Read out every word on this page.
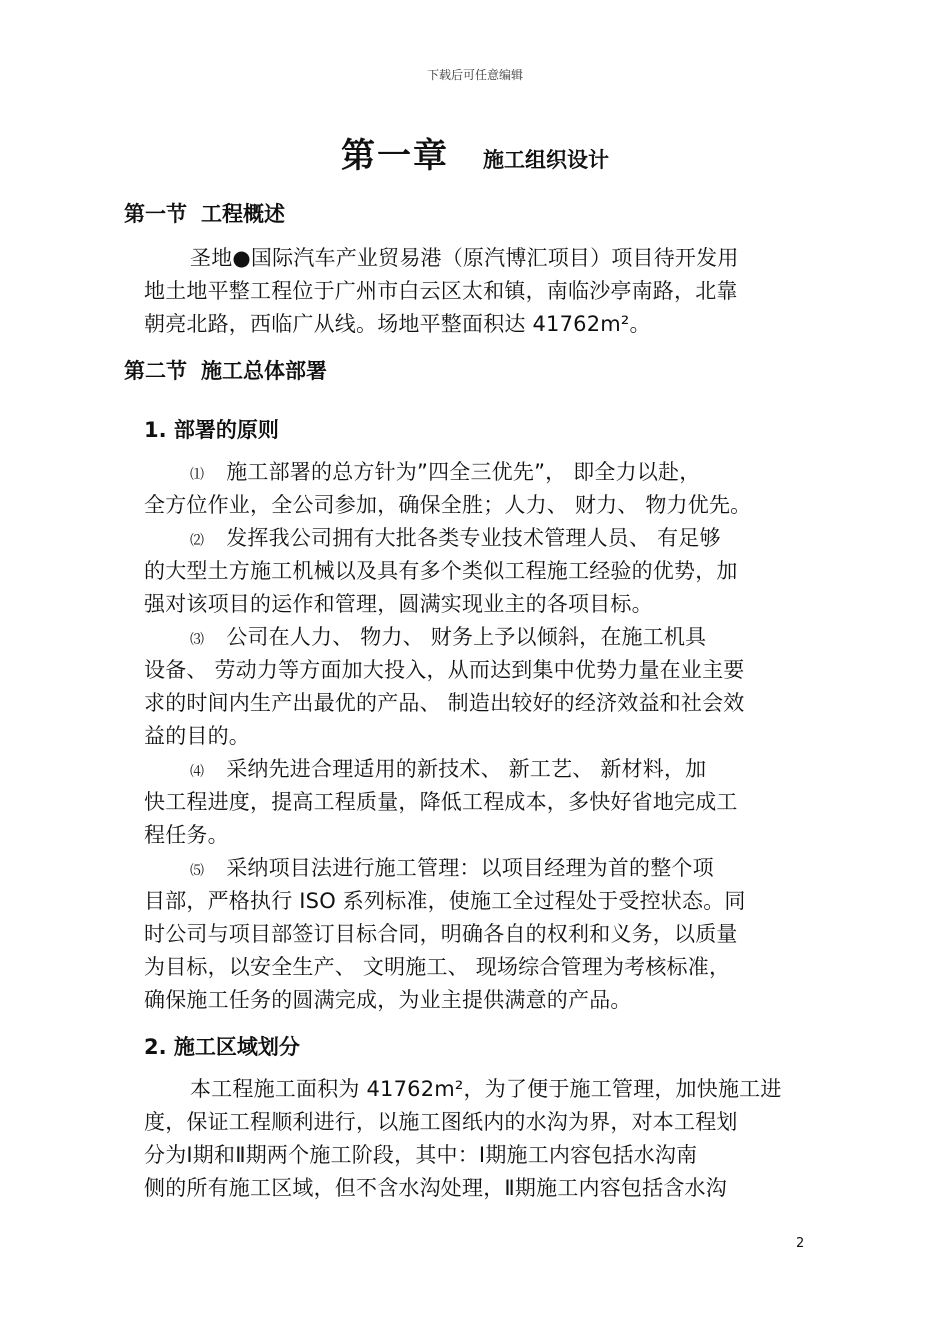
下载后可任意编辑
第一章 施工组织设计
第一节 工程概述
圣地●国际汽车产业贸易港（原汽博汇项目）项目待开发用
地土地平整工程位于广州市白云区太和镇，南临沙亭南路，北靠
朝亮北路，西临广从线。场地平整面积达 41762m²。
第二节 施工总体部署
1. 部署的原则
⑴ 施工部署的总方针为”四全三优先”， 即全力以赴，
全方位作业，全公司参加，确保全胜；人力、 财力、 物力优先。
⑵ 发挥我公司拥有大批各类专业技术管理人员、 有足够
的大型土方施工机械以及具有多个类似工程施工经验的优势，加
强对该项目的运作和管理，圆满实现业主的各项目标。
⑶ 公司在人力、 物力、 财务上予以倾斜，在施工机具
设备、 劳动力等方面加大投入，从而达到集中优势力量在业主要
求的时间内生产出最优的产品、 制造出较好的经济效益和社会效
益的目的。
⑷ 采纳先进合理适用的新技术、 新工艺、 新材料，加
快工程进度，提高工程质量，降低工程成本，多快好省地完成工
程任务。
⑸ 采纳项目法进行施工管理：以项目经理为首的整个项
目部，严格执行 ISO 系列标准，使施工全过程处于受控状态。同
时公司与项目部签订目标合同，明确各自的权利和义务，以质量
为目标，以安全生产、 文明施工、 现场综合管理为考核标准，
确保施工任务的圆满完成，为业主提供满意的产品。
2. 施工区域划分
本工程施工面积为 41762m²，为了便于施工管理，加快施工进
度，保证工程顺利进行，以施工图纸内的水沟为界，对本工程划
分为Ⅰ期和Ⅱ期两个施工阶段，其中：Ⅰ期施工内容包括水沟南
侧的所有施工区域，但不含水沟处理，Ⅱ期施工内容包括含水沟
2
